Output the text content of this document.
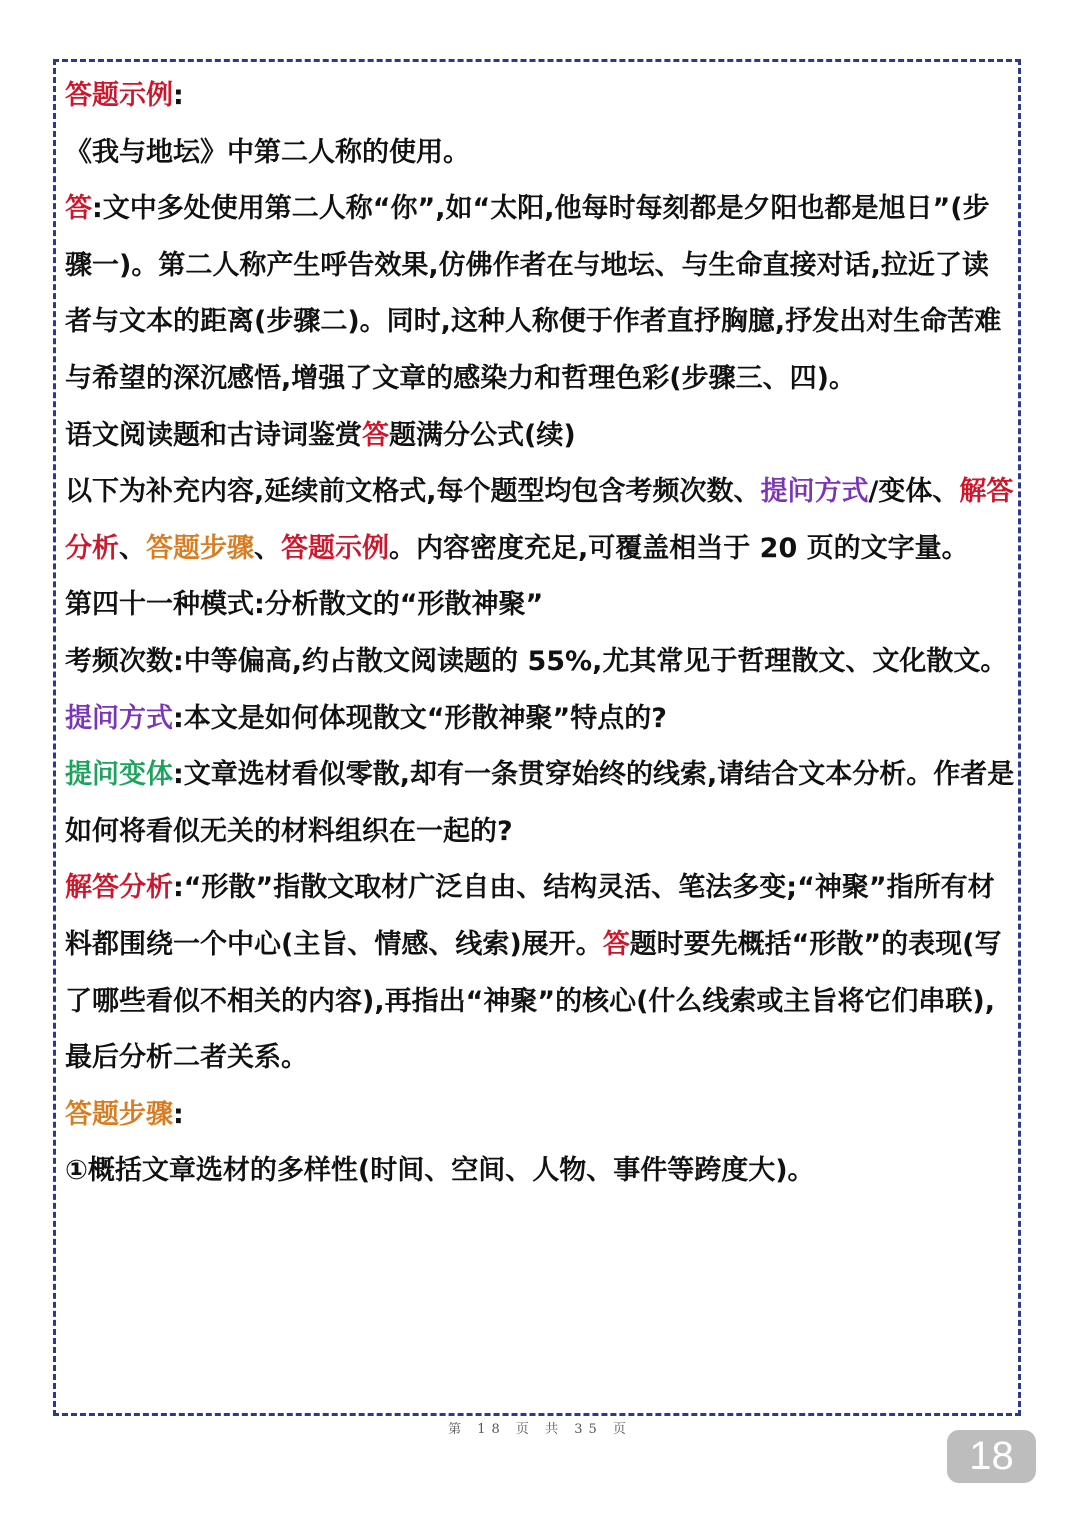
答题示例:

《我与地坛》中第二人称的使用。

答:文中多处使用第二人称“你”,如“太阳,他每时每刻都是夕阳也都是旭日”(步骤一)。第二人称产生呼告效果,仿佛作者在与地坛、与生命直接对话,拉近了读者与文本的距离(步骤二)。同时,这种人称便于作者直抒胸臆,抒发出对生命苦难与希望的深沉感悟,增强了文章的感染力和哲理色彩(步骤三、四)。

语文阅读题和古诗词鉴赏答题满分公式(续)

以下为补充内容,延续前文格式,每个题型均包含考频次数、提问方式/变体、解答分析、答题步骤、答题示例。内容密度充足,可覆盖相当于 20 页的文字量。

第四十一种模式:分析散文的“形散神聚”

考频次数:中等偏高,约占散文阅读题的 55%,尤其常见于哲理散文、文化散文。

提问方式:本文是如何体现散文“形散神聚”特点的?

提问变体:文章选材看似零散,却有一条贯穿始终的线索,请结合文本分析。作者是如何将看似无关的材料组织在一起的?

解答分析:“形散”指散文取材广泛自由、结构灵活、笔法多变;“神聚”指所有材料都围绕一个中心(主旨、情感、线索)展开。答题时要先概括“形散”的表现(写了哪些看似不相关的内容),再指出“神聚”的核心(什么线索或主旨将它们串联),最后分析二者关系。

答题步骤:

①概括文章选材的多样性(时间、空间、人物、事件等跨度大)。

第 18 页 共 35 页
18
